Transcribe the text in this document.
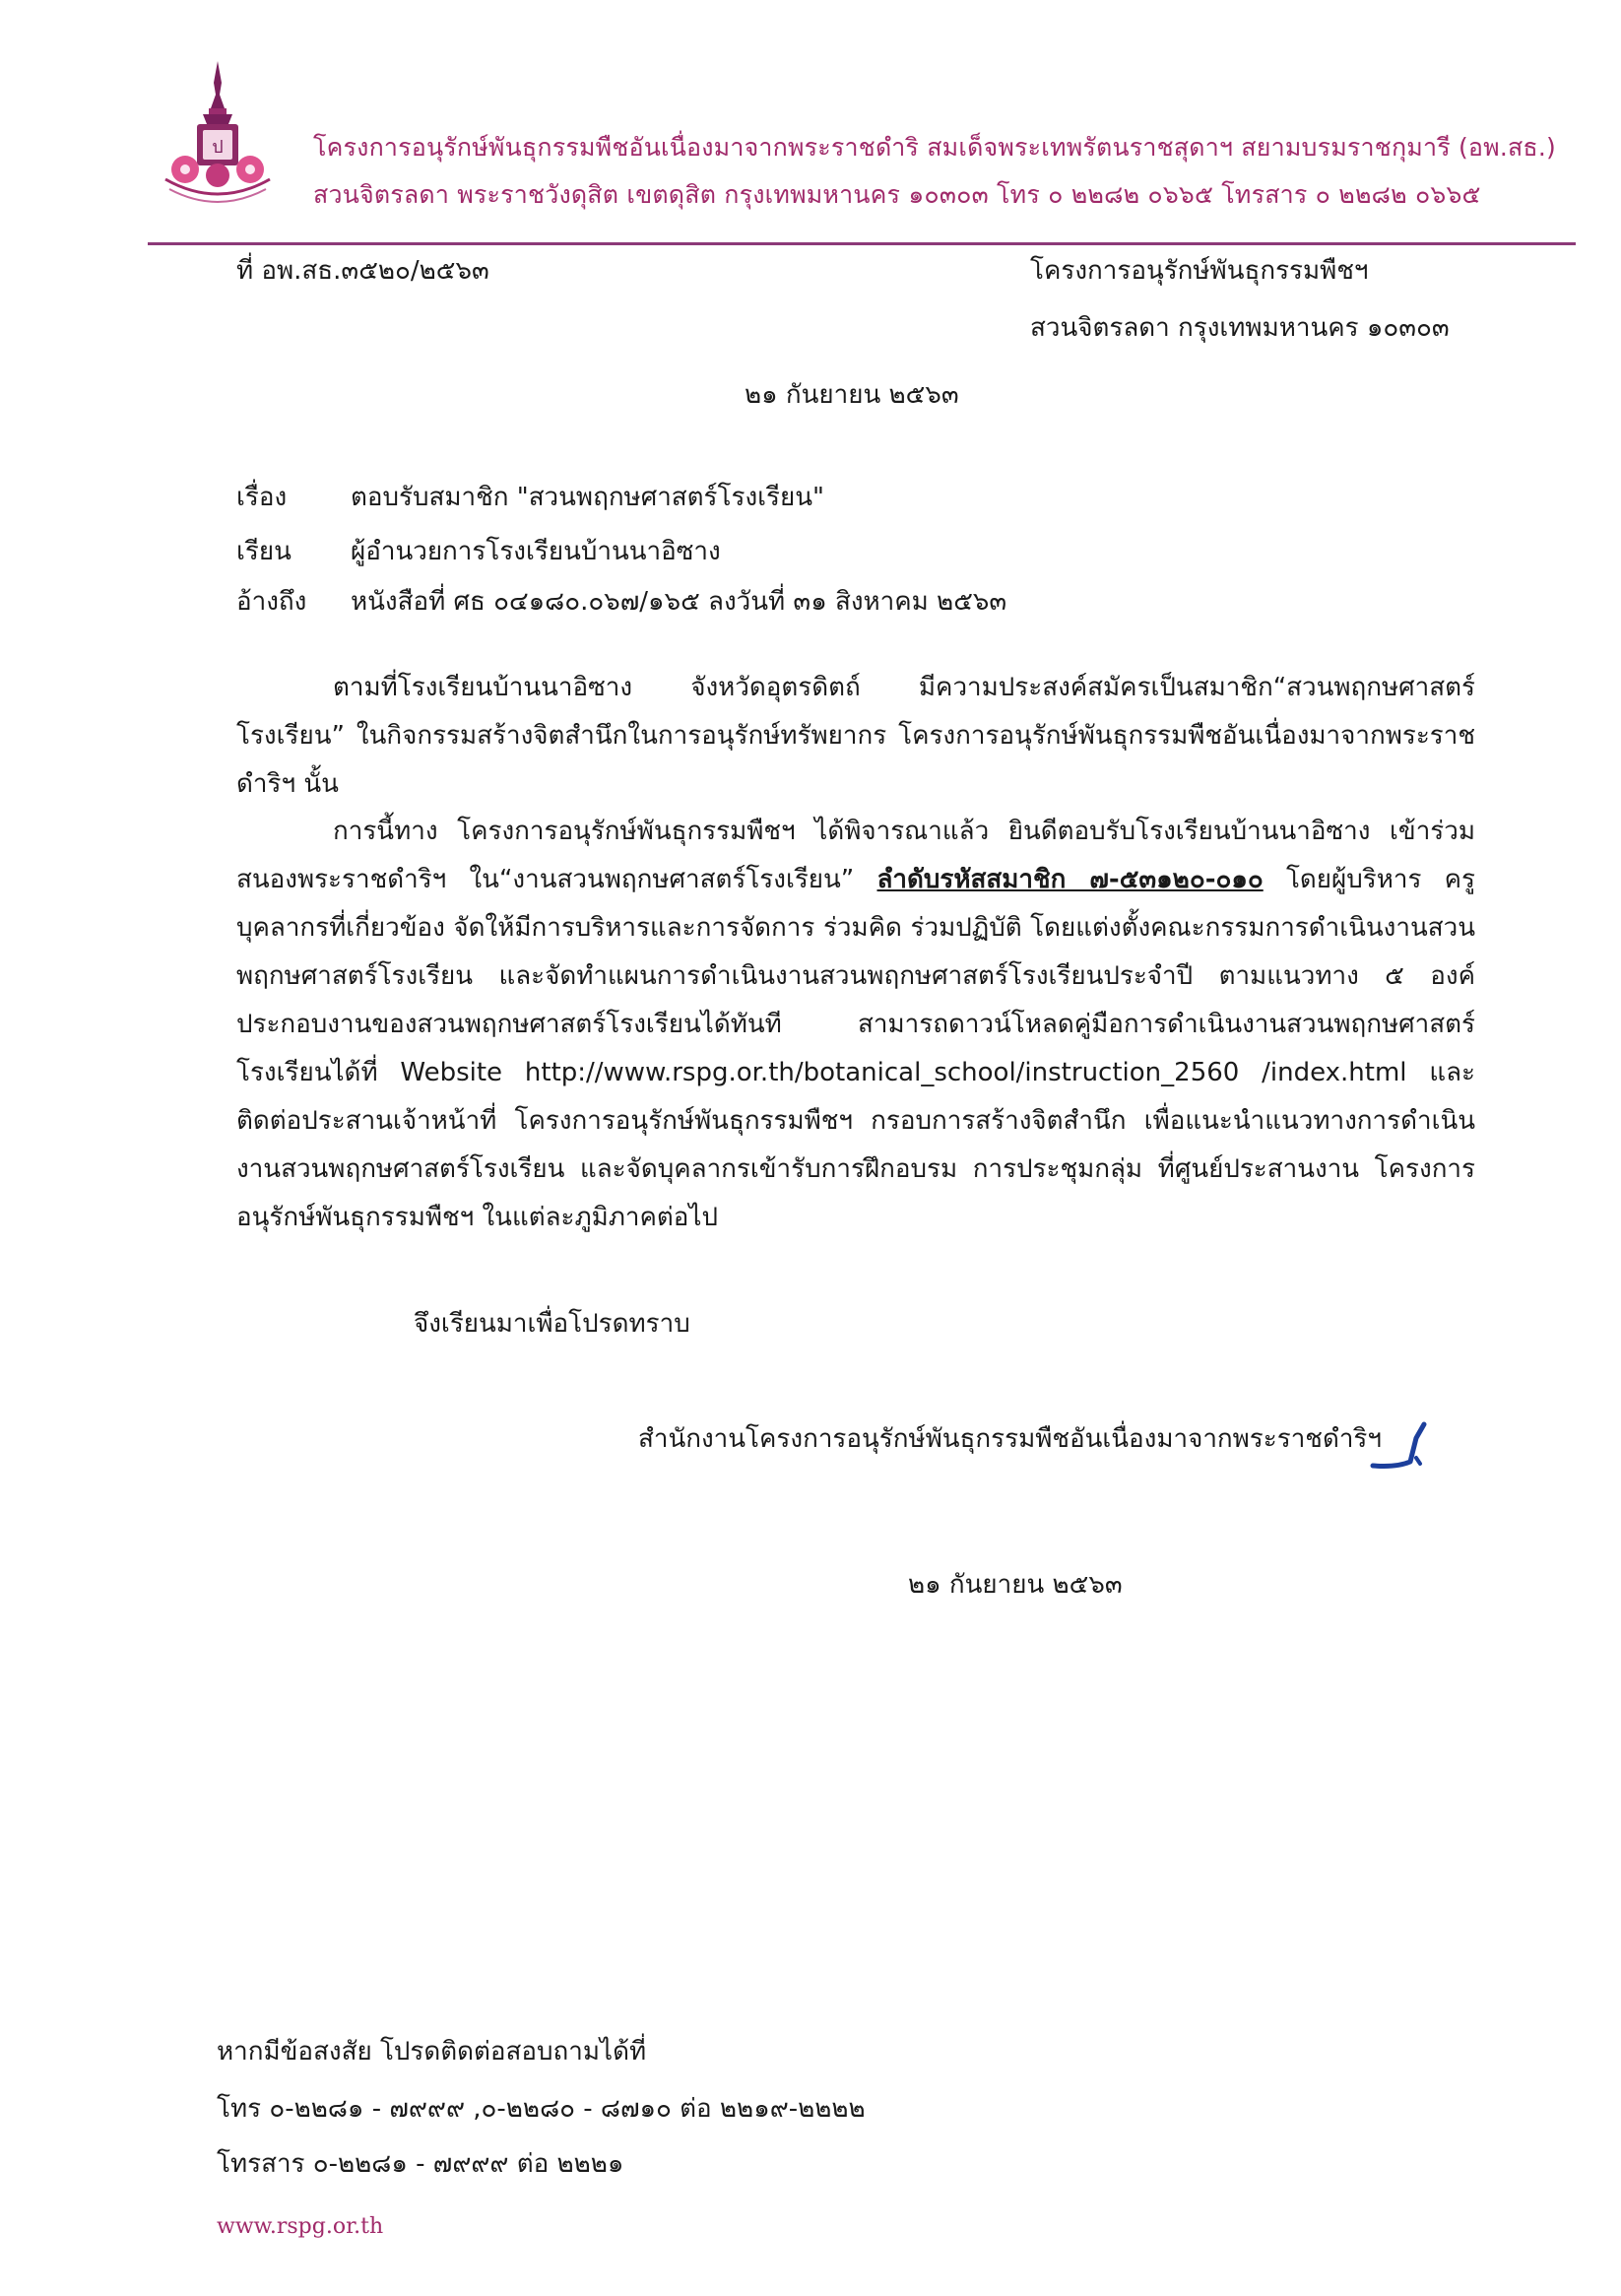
ป	โครงการอนุรักษ์พันธุกรรมพืชอันเนื่องมาจากพระราชดำริ สมเด็จพระเทพรัตนราชสุดาฯ สยามบรมราชกุมารี (อพ.สธ.)
สวนจิตรลดา พระราชวังดุสิต เขตดุสิต กรุงเทพมหานคร ๑๐๓๐๓ โทร ๐ ๒๒๘๒ ๐๖๖๕ โทรสาร ๐ ๒๒๘๒ ๐๖๖๕
ที่ อพ.สธ.๓๕๒๐/๒๕๖๓	โครงการอนุรักษ์พันธุกรรมพืชฯ
สวนจิตรลดา กรุงเทพมหานคร ๑๐๓๐๓
๒๑ กันยายน ๒๕๖๓
เรื่อง ตอบรับสมาชิก "สวนพฤกษศาสตร์โรงเรียน"
เรียน ผู้อำนวยการโรงเรียนบ้านนาอิซาง
อ้างถึง หนังสือที่ ศธ ๐๔๑๘๐.๐๖๗/๑๖๕ ลงวันที่ ๓๑ สิงหาคม ๒๕๖๓
ตามที่โรงเรียนบ้านนาอิซาง จังหวัดอุตรดิตถ์ มีความประสงค์สมัครเป็นสมาชิก“สวนพฤกษศาสตร์โรงเรียน” ในกิจกรรมสร้างจิตสำนึกในการอนุรักษ์ทรัพยากร โครงการอนุรักษ์พันธุกรรมพืชอันเนื่องมาจากพระราชดำริฯ นั้น
การนี้ทาง โครงการอนุรักษ์พันธุกรรมพืชฯ ได้พิจารณาแล้ว ยินดีตอบรับโรงเรียนบ้านนาอิซาง เข้าร่วมสนองพระราชดำริฯ ใน“งานสวนพฤกษศาสตร์โรงเรียน” ลำดับรหัสสมาชิก ๗-๕๓๑๒๐-๐๑๐ โดยผู้บริหาร ครู บุคลากรที่เกี่ยวข้อง จัดให้มีการบริหารและการจัดการ ร่วมคิด ร่วมปฏิบัติ โดยแต่งตั้งคณะกรรมการดำเนินงานสวนพฤกษศาสตร์โรงเรียน และจัดทำแผนการดำเนินงานสวนพฤกษศาสตร์โรงเรียนประจำปี ตามแนวทาง ๕ องค์ประกอบงานของสวนพฤกษศาสตร์โรงเรียนได้ทันที สามารถดาวน์โหลดคู่มือการดำเนินงานสวนพฤกษศาสตร์โรงเรียนได้ที่ Website http://www.rspg.or.th/botanical_school/instruction_2560 /index.html และติดต่อประสานเจ้าหน้าที่ โครงการอนุรักษ์พันธุกรรมพืชฯ กรอบการสร้างจิตสำนึก เพื่อแนะนำแนวทางการดำเนินงานสวนพฤกษศาสตร์โรงเรียน และจัดบุคลากรเข้ารับการฝึกอบรม การประชุมกลุ่ม ที่ศูนย์ประสานงาน โครงการอนุรักษ์พันธุกรรมพืชฯ ในแต่ละภูมิภาคต่อไป
จึงเรียนมาเพื่อโปรดทราบ
สำนักงานโครงการอนุรักษ์พันธุกรรมพืชอันเนื่องมาจากพระราชดำริฯ
๒๑ กันยายน ๒๕๖๓
หากมีข้อสงสัย โปรดติดต่อสอบถามได้ที่
โทร ๐-๒๒๘๑ - ๗๙๙๙ ,๐-๒๒๘๐ - ๘๗๑๐ ต่อ ๒๒๑๙-๒๒๒๒
โทรสาร ๐-๒๒๘๑ - ๗๙๙๙ ต่อ ๒๒๒๑
www.rspg.or.th
